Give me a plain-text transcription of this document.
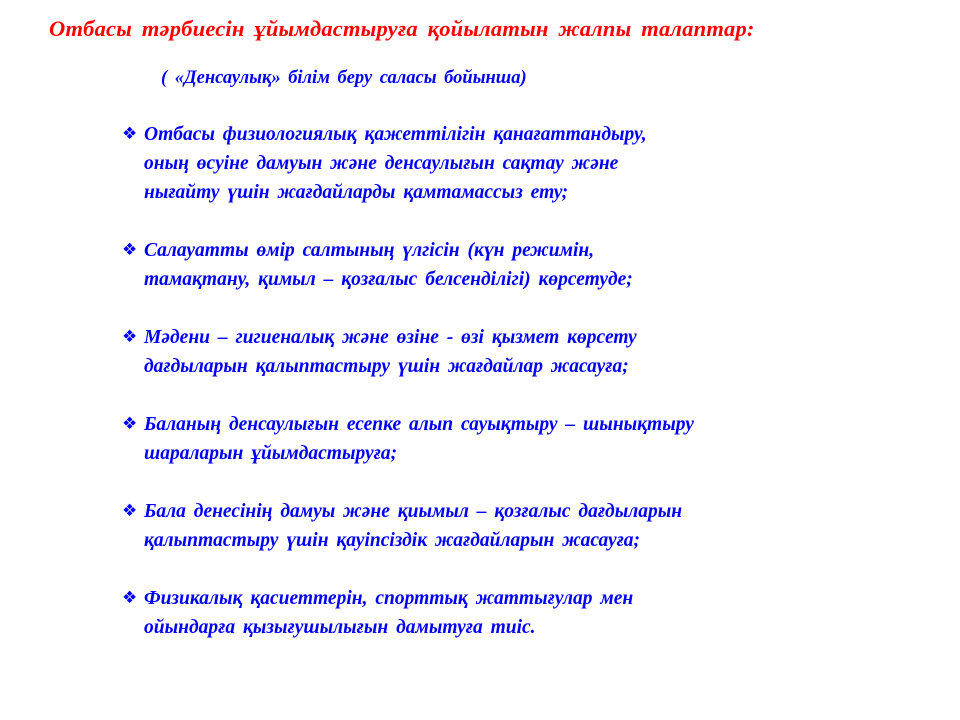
Отбасы тәрбиесін ұйымдастыруға қойылатын жалпы талаптар:
( «Денсаулық» білім беру саласы бойынша)
❖ Отбасы физиологиялық қажеттілігін қанағаттандыру,
оның өсуіне дамуын және денсаулығын сақтау және
нығайту үшін жағдайларды қамтамассыз ету;
❖ Салауатты өмір салтының үлгісін (күн режимін,
тамақтану, қимыл – қозғалыс белсенділігі) көрсетуде;
❖ Мәдени – гигиеналық және өзіне - өзі қызмет көрсету
дағдыларын қалыптастыру үшін жағдайлар жасауға;
❖ Баланың денсаулығын есепке алып сауықтыру – шынықтыру
шараларын ұйымдастыруға;
❖ Бала денесінің дамуы және қиымыл – қозғалыс дағдыларын
қалыптастыру үшін қауіпсіздік жағдайларын жасауға;
❖ Физикалық қасиеттерін, спорттық жаттығулар мен
ойындарға қызығушылығын дамытуға тиіс.
